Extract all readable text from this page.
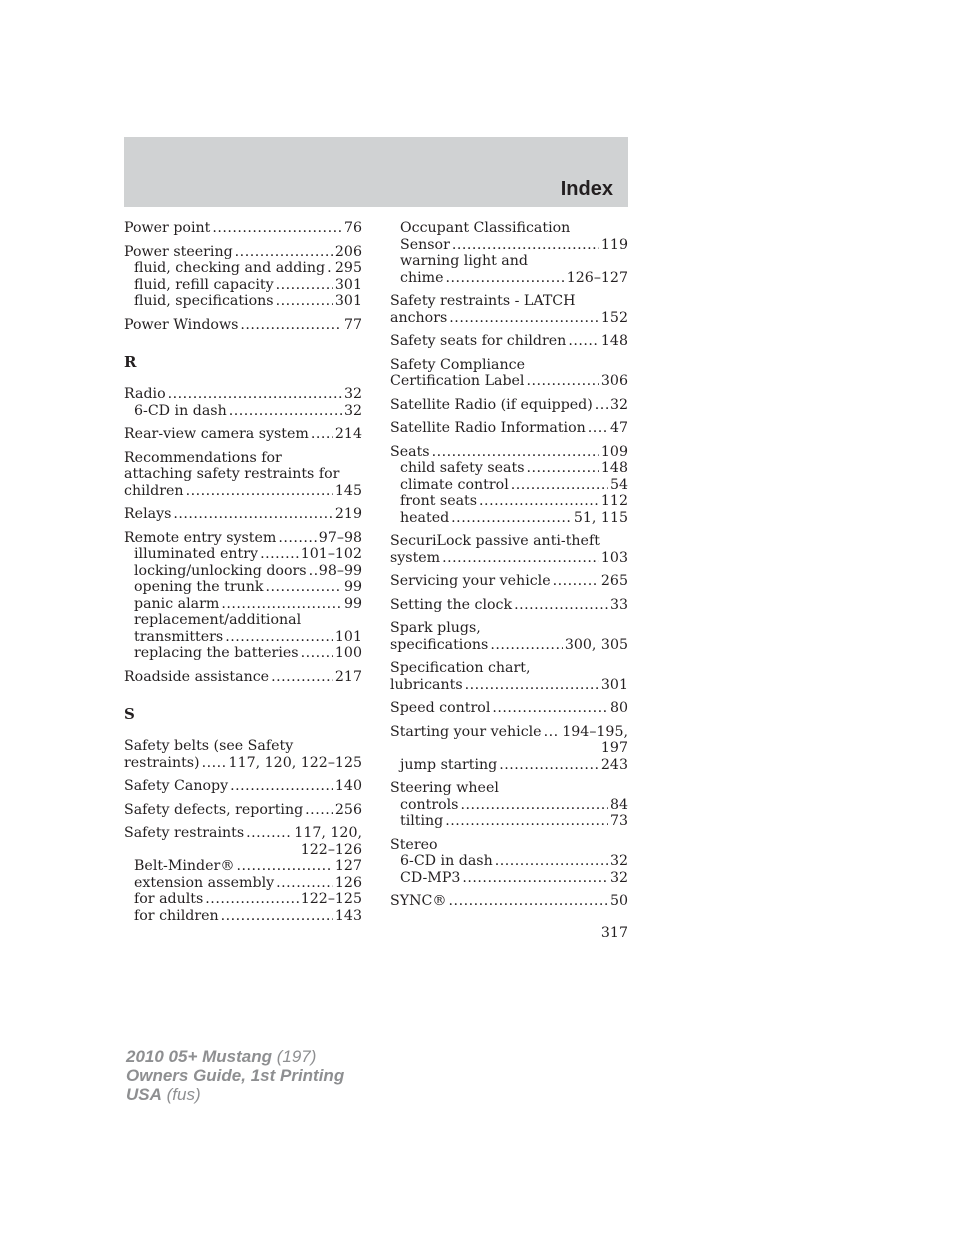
Index
Power point .....	76
Power steering .....	206
fluid, checking and adding ..... 295
fluid, refill capacity .....	301
fluid, specifications .....	301
Power Windows .....	77
R
Radio .....	32
6-CD in dash .....	32
Rear-view camera system ..... 214
Recommendations for
attaching safety restraints for
children .....	145
Relays .....	219
Remote entry system .....	97–98
illuminated entry .....	101–102
locking/unlocking doors ..... 98–99
opening the trunk .....	99
panic alarm .....	99
replacement/additional
transmitters .....	101
replacing the batteries .....	100
Roadside assistance .....	217
S
Safety belts (see Safety
restraints) ..... 117, 120, 122–125
Safety Canopy .....	140
Safety defects, reporting ..... 256
Safety restraints .....	117, 120,
122–126
Belt-Minder® .....	127
extension assembly .....	126
for adults .....	122–125
for children .....	143
Occupant Classification
Sensor .....	119
warning light and
chime .....	126–127
Safety restraints - LATCH
anchors .....	152
Safety seats for children ..... 148
Safety Compliance
Certification Label .....	306
Satellite Radio (if equipped) ..... 32
Satellite Radio Information ..... 47
Seats .....	109
child safety seats .....	148
climate control .....	54
front seats .....	112
heated .....	51, 115
SecuriLock passive anti-theft
system .....	103
Servicing your vehicle .....	265
Setting the clock .....	33
Spark plugs,
specifications .....	300, 305
Specification chart,
lubricants .....	301
Speed control .....	80
Starting your vehicle ..... 194–195,
197
jump starting .....	243
Steering wheel
controls .....	84
tilting .....	73
Stereo
6-CD in dash .....	32
CD-MP3 .....	32
SYNC® .....	50
317
2010 05+ Mustang (197)
Owners Guide, 1st Printing
USA (fus)
